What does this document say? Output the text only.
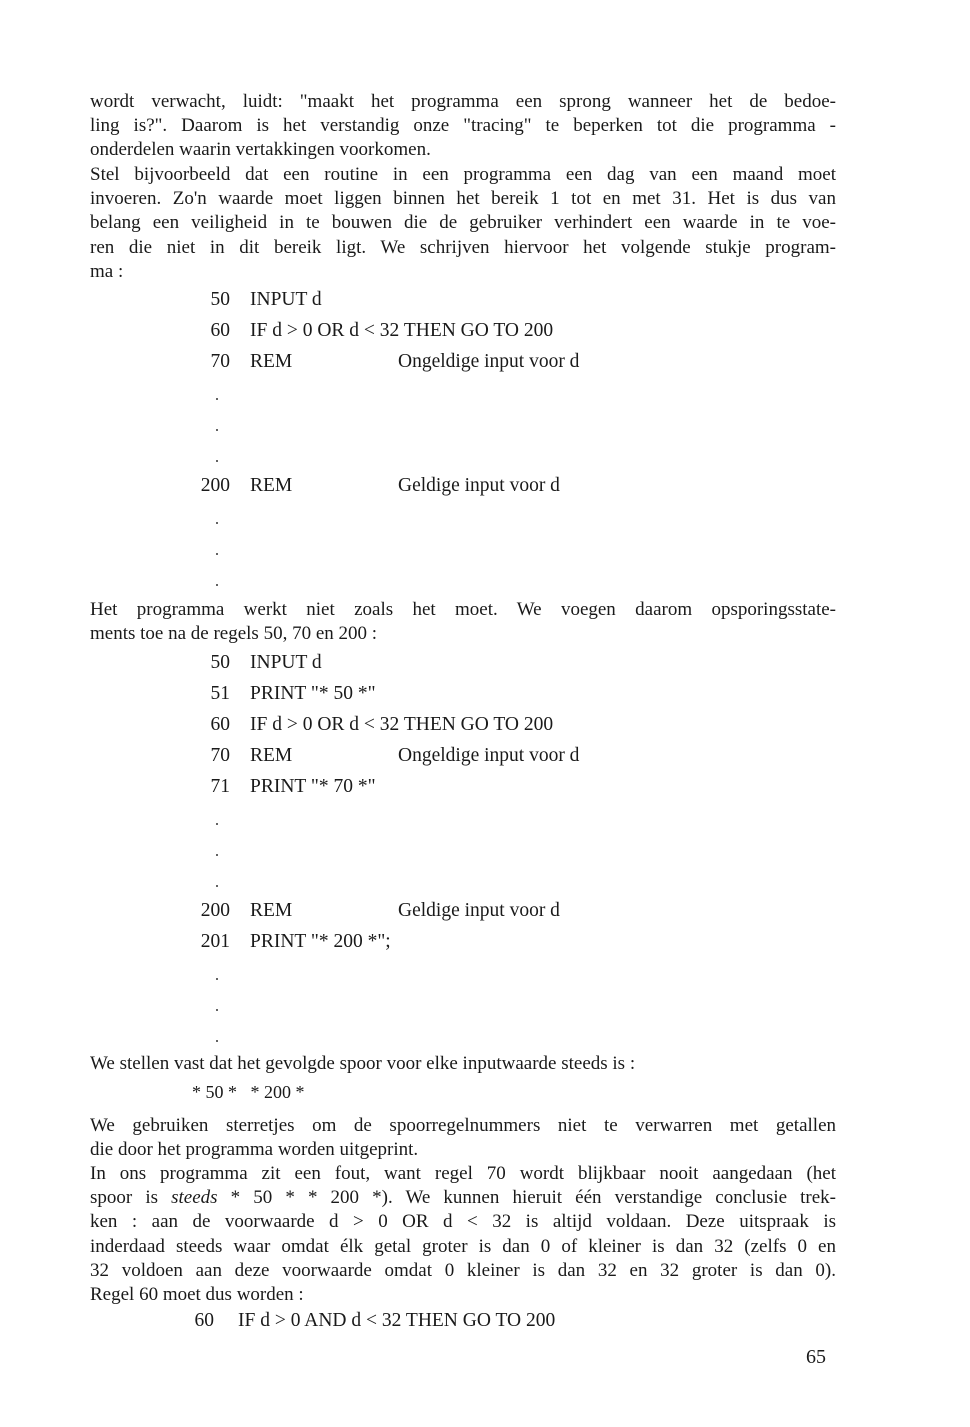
wordt verwacht, luidt: "maakt het programma een sprong wanneer het de bedoe-
ling is?". Daarom is het verstandig onze "tracing" te beperken tot die programma -
onderdelen waarin vertakkingen voorkomen.
Stel bijvoorbeeld dat een routine in een programma een dag van een maand moet
invoeren. Zo'n waarde moet liggen binnen het bereik 1 tot en met 31. Het is dus van
belang een veiligheid in te bouwen die de gebruiker verhindert een waarde in te voe-
ren die niet in dit bereik ligt. We schrijven hiervoor het volgende stukje program-
ma :
50 INPUT d
60 IF d > 0 OR d < 32 THEN GO TO 200
70 REM	Ongeldige input voor d
200 REM	Geldige input voor d
Het programma werkt niet zoals het moet. We voegen daarom opsporingsstate-
ments toe na de regels 50, 70 en 200 :
50 INPUT d
51 PRINT "* 50 *"
60 IF d > 0 OR d < 32 THEN GO TO 200
70 REM	Ongeldige input voor d
71 PRINT "* 70 *"
200 REM	Geldige input voor d
201 PRINT "* 200 *";
We stellen vast dat het gevolgde spoor voor elke inputwaarde steeds is :
* 50 *   * 200 *
We gebruiken sterretjes om de spoorregelnummers niet te verwarren met getallen
die door het programma worden uitgeprint.
In ons programma zit een fout, want regel 70 wordt blijkbaar nooit aangedaan (het
spoor is steeds * 50 * * 200 *). We kunnen hieruit één verstandige conclusie trek-
ken : aan de voorwaarde d > 0 OR d < 32 is altijd voldaan. Deze uitspraak is
inderdaad steeds waar omdat élk getal groter is dan 0 of kleiner is dan 32 (zelfs 0 en
32 voldoen aan deze voorwaarde omdat 0 kleiner is dan 32 en 32 groter is dan 0).
Regel 60 moet dus worden :
60 IF d > 0 AND d < 32 THEN GO TO 200
65
